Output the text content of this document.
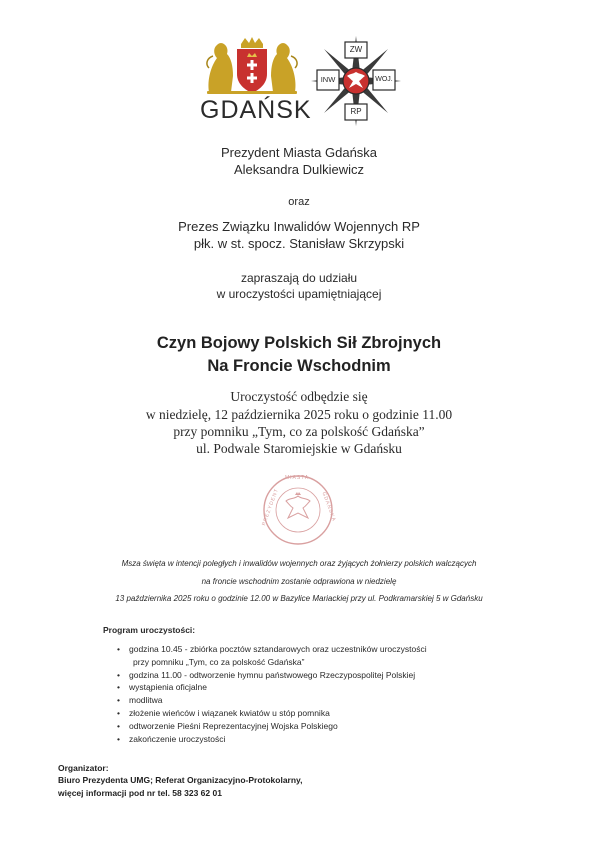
GDAŃSK
ZW
RP
INW	WOJ.
Prezydent Miasta Gdańska
Aleksandra Dulkiewicz
oraz
Prezes Związku Inwalidów Wojennych RP
płk. w st. spocz. Stanisław Skrzypski
zapraszają do udziału
w uroczystości upamiętniającej
Czyn Bojowy Polskich Sił Zbrojnych
Na Froncie Wschodnim
Uroczystość odbędzie się
w niedzielę, 12 października 2025 roku o godzinie 11.00
przy pomniku „Tym, co za polskość Gdańska”
ul. Podwale Staromiejskie w Gdańsku
PREZYDENT
MIASTA
GDAŃSKA
Msza święta w intencji poległych i inwalidów wojennych oraz żyjących żołnierzy polskich walczących
na froncie wschodnim zostanie odprawiona w niedzielę
13 października 2025 roku o godzinie 12.00 w Bazylice Mariackiej przy ul. Podkramarskiej 5 w Gdańsku
Program uroczystości:
• godzina 10.45 - zbiórka pocztów sztandarowych oraz uczestników uroczystości
przy pomniku „Tym, co za polskość Gdańska”
• godzina 11.00 - odtworzenie hymnu państwowego Rzeczypospolitej Polskiej
• wystąpienia oficjalne
• modlitwa
• złożenie wieńców i wiązanek kwiatów u stóp pomnika
• odtworzenie Pieśni Reprezentacyjnej Wojska Polskiego
• zakończenie uroczystości
Organizator:
Biuro Prezydenta UMG; Referat Organizacyjno-Protokolarny,
więcej informacji pod nr tel. 58 323 62 01
